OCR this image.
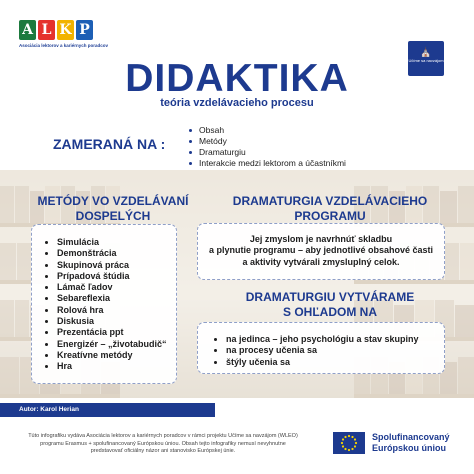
A L K P
Asociácia lektorov a kariérnych poradcov
⛪
Učíme sa navzájom
DIDAKTIKA
teória vzdelávacieho procesu
ZAMERANÁ NA :
Obsah
Metódy
Dramaturgiu
Interakcie medzi lektorom a účastníkmi
METÓDY VO VZDELÁVANÍ
DOSPELÝCH
Simulácia
Demonštrácia
Skupinová práca
Prípadová štúdia
Lámač ľadov
Sebareflexia
Rolová hra
Diskusia
Prezentácia ppt
Energizér – „životabudič“
Kreatívne metódy
Hra
DRAMATURGIA VZDELÁVACIEHO
PROGRAMU
Jej zmyslom je navrhnúť skladbu
a plynutie programu – aby jednotlivé obsahové časti
a aktivity vytvárali zmysluplný celok.
DRAMATURGIU VYTVÁRAME
S OHĽADOM NA
na jedinca – jeho psychológiu a stav skupiny
na procesy učenia sa
štýly učenia sa
Autor: Karol Herian
Túto infografiku vydáva Asociácia lektorov a kariérnych poradcov v rámci projektu Učíme sa navzájom (WLEO)
programu Erasmus + spolufinancovaný Európskou úniou. Obsah tejto infografiky nemusí nevyhnutne
predstavovať oficiálny názor ani stanovisko Európskej únie.
Spolufinancovaný
Európskou úniou
